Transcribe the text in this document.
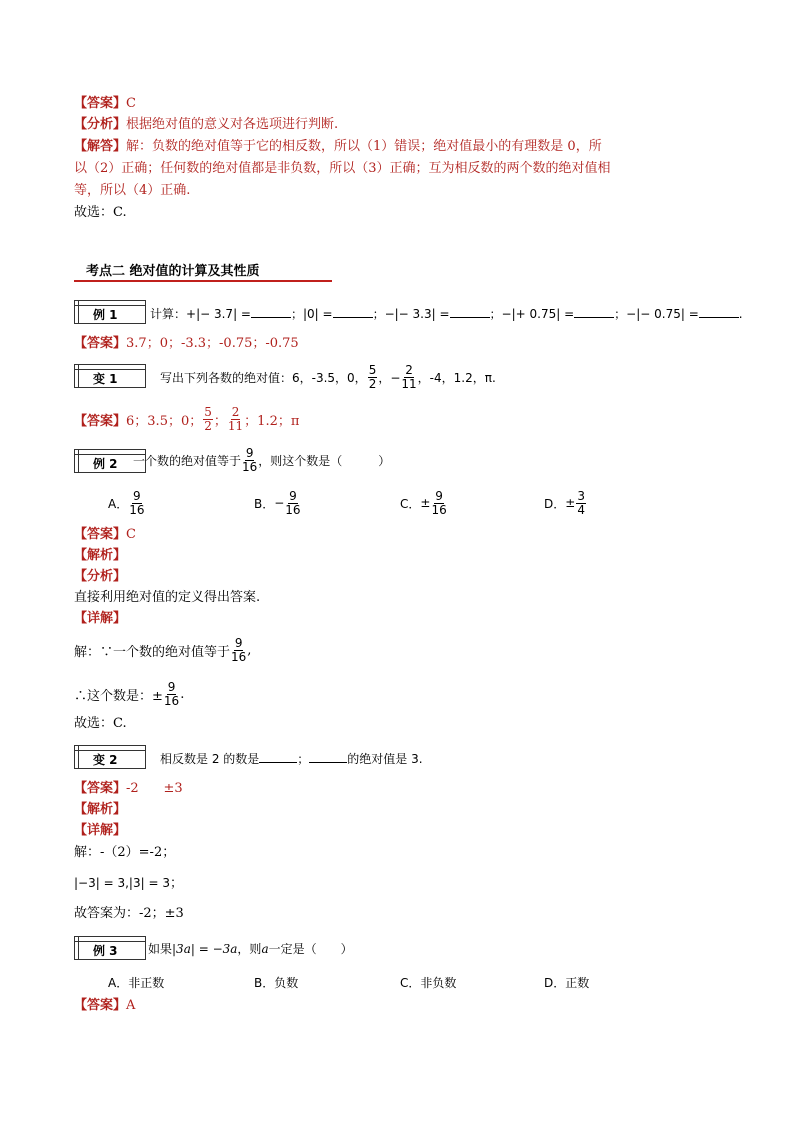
【答案】C
【分析】根据绝对值的意义对各选项进行判断.
【解答】解：负数的绝对值等于它的相反数，所以（1）错误；绝对值最小的有理数是 0，所
以（2）正确；任何数的绝对值都是非负数，所以（3）正确；互为相反数的两个数的绝对值相
等，所以（4）正确.
故选：C.
考点二 绝对值的计算及其性质
例 1	计算：+|− 3.7| =	；|0| =	；−|− 3.3| =	；−|+ 0.75| =	；−|− 0.75| =	.
【答案】3.7；0；-3.3；-0.75；-0.75
变 1	写出下列各数的绝对值：6，-3.5，0， $\frac{5}{2}$ ，− $\frac{2}{11}$ ，-4，1.2，π.
【答案】 6；3.5；0； $\frac{5}{2}$ ； $\frac{2}{11}$ ；1.2；π
例 2 一个数的绝对值等于 $\frac{9}{16}$ ，则这个数是（　　　）
A． $\frac{9}{16}$	B． − $\frac{9}{16}$	C． ± $\frac{9}{16}$	D． ± $\frac{3}{4}$
【答案】C
【解析】
【分析】
直接利用绝对值的定义得出答案.
【详解】
解：∵一个数的绝对值等于 $\frac{9}{16}$ ,
∴这个数是：± $\frac{9}{16}$ .
故选：C.
变 2	相反数是 2 的数是	；	的绝对值是 3.
【答案】-2      ±3
【解析】
【详解】
解：-（2）=-2；
|−3| = 3,|3| = 3；
故答案为：-2；±3
例 3	如果|3a| = −3a，则a一定是（　　）
A．非正数	B．负数	C．非负数	D．正数
【答案】A
